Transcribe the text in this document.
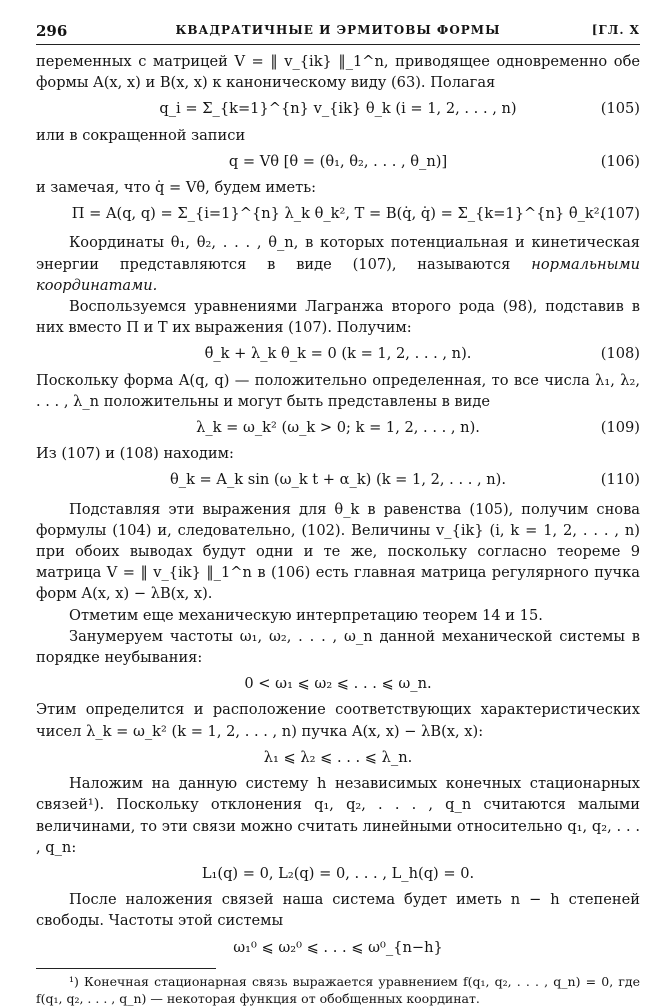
296	КВАДРАТИЧНЫЕ И ЭРМИТОВЫ ФОРМЫ	[ГЛ. X

переменных с матрицей V = ‖ v_{ik} ‖_1^n, приводящее одновременно обе формы A(x, x) и B(x, x) к каноническому виду (63). Полагая

q_i = Σ_{k=1}^{n} v_{ik} θ_k (i = 1, 2, . . . , n)	(105)

или в сокращенной записи

q = Vθ [θ = (θ₁, θ₂, . . . , θ_n)]	(106)

и замечая, что q̇ = Vθ̇, будем иметь:

Π = A(q, q) = Σ_{i=1}^{n} λ_k θ_k², T = B(q̇, q̇) = Σ_{k=1}^{n} θ̇_k².
(107)

Координаты θ₁, θ₂, . . . , θ_n, в которых потенциальная и кинетическая энергии представляются в виде (107), называются нормальными координатами.

Воспользуемся уравнениями Лагранжа второго рода (98), подставив в них вместо Π и T их выражения (107). Получим:

θ̈_k + λ_k θ_k = 0 (k = 1, 2, . . . , n).	(108)

Поскольку форма A(q, q) — положительно определенная, то все числа λ₁, λ₂, . . . , λ_n положительны и могут быть представлены в виде

λ_k = ω_k² (ω_k > 0; k = 1, 2, . . . , n).	(109)

Из (107) и (108) находим:

θ_k = A_k sin (ω_k t + α_k) (k = 1, 2, . . . , n).	(110)

Подставляя эти выражения для θ_k в равенства (105), получим снова формулы (104) и, следовательно, (102). Величины v_{ik} (i, k = 1, 2, . . . , n) при обоих выводах будут одни и те же, поскольку согласно теореме 9 матрица V = ‖ v_{ik} ‖_1^n в (106) есть главная матрица регулярного пучка форм A(x, x) − λB(x, x).

Отметим еще механическую интерпретацию теорем 14 и 15.

Занумеруем частоты ω₁, ω₂, . . . , ω_n данной механической системы в порядке неубывания:

0 < ω₁ ⩽ ω₂ ⩽ . . . ⩽ ω_n.

Этим определится и расположение соответствующих характеристических чисел λ_k = ω_k² (k = 1, 2, . . . , n) пучка A(x, x) − λB(x, x):

λ₁ ⩽ λ₂ ⩽ . . . ⩽ λ_n.

Наложим на данную систему h независимых конечных стационарных связей¹). Поскольку отклонения q₁, q₂, . . . , q_n считаются малыми величинами, то эти связи можно считать линейными относительно q₁, q₂, . . . , q_n:

L₁(q) = 0, L₂(q) = 0, . . . , L_h(q) = 0.

После наложения связей наша система будет иметь n − h степеней свободы. Частоты этой системы

ω₁⁰ ⩽ ω₂⁰ ⩽ . . . ⩽ ω⁰_{n−h}

¹) Конечная стационарная связь выражается уравнением f(q₁, q₂, . . . , q_n) = 0, где f(q₁, q₂, . . . , q_n) — некоторая функция от обобщенных координат.
